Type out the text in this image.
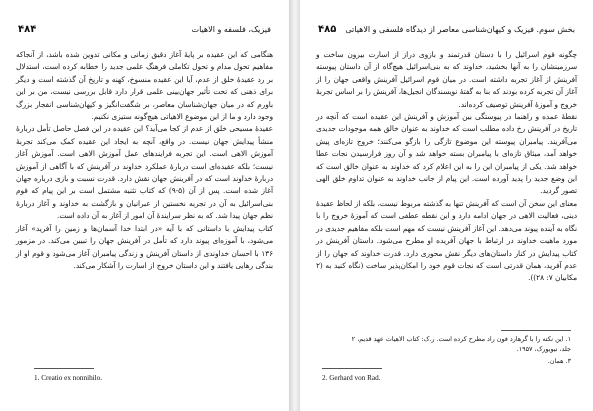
فیزیک، فلسفه و الاهیات
۴۸۴

هنگامی که این عقیده بر پایهٔ آغاز دقیق زمانی و مکانی تدوین شده باشد، از آنجاکه مفاهیم تحول مدام و تحول تکاملی فرهنگ علمی جدید را خطابه کرده است، استدلال بر رد عقیدهٔ خلق از عدم، آیا این عقیده منسوخ، کهنه و تاریخ آن گذشته است و دیگر برای ذهنی که تحت تأثیر جهان‌بینی علمی قرار دارد قابل بررسی نیست، من بر این باورم که در میان جهان‌شناسان معاصر، بر شگفت‌انگیز و کیهان‌شناسی انفجار بزرگ وجود دارد و ما از این موضوع الاهیاتی هیچ‌گونه ستیزی نکنیم.

عقیدهٔ مسیحی خلق از عدم از کجا می‌آید؟ این عقیده در این فصل حاصل تأمل دربارهٔ منشأ پیدایش جهان نیست. در واقع، آنچه به ایجاد این عقیده کمک می‌کند تجربهٔ آموزش الاهی است. این تجربه فرایندهای عمل آموزش الاهی است. آموزش آغاز نیست؛ بلکه عقیده‌ای است دربارهٔ عملکرد خداوند در آفرینش که با آگاهی از آموزش دربارهٔ خداوند است که در آفرینش جهان نقش دارد. قدرت نسبت و بازی درباره جهان آغاز شده است. پس از آن (۵-۹) که کتاب تثنیه مشتمل است بر این پیام که قوم بنی‌اسرائیل به آن در تجربه نخستین از عبرانیان و بازگشت به خداوند و آغاز دربارهٔ نظم جهان پیدا شد. که به نظر سرایندهٔ آن امور از آغاز به آن داده است.

کتاب پیدایش با داستانی که با آیه «در ابتدا خدا آسمان‌ها و زمین را آفرید» آغاز می‌شود، با آموزه‌ای پیوند دارد که تأمل در آفرینش جهان را تبیین می‌کند. در مزمور ۱۳۶ با احسان خداوندی از داستان آفرینش و زندگی پیامبران آغاز می‌شود و قوم او از بندگی رهایی یافتند و این داستان خروج از اسارت را آشکار می‌کند.

1. Creatio ex nonnihilo.
بخش سوم. فیزیک و کیهان‌شناسی معاصر از دیدگاه فلسفی و الاهیاتی
۴۸۵

چگونه قوم اسرائیل را با دستان قدرتمند و بازوی دراز از اسارت بیرون ساخت و سرزمینشان را به آنها بخشید، خداوند که به بنی‌اسرائیل هیچ‌گاه از آن داستان پیوسته آفرینش از آغاز تجربه داشته است. در میان قوم اسرائیل آفرینش واقعی جهان را از آغاز آن تجربه کرده بودند که بنا به گفتهٔ نویسندگان انجیل‌ها، آفرینش را بر اساس تجربهٔ خروج و آموزهٔ آفرینش توصیف کرده‌اند.

نقطهٔ عمده و راهنما در پیوستگی بین آموزش و آفرینش این عقیده است که آنچه در تاریخ در آفرینش رخ داده مطلب است که خداوند به عنوان خالق همه موجودات جدیدی می‌آفریند. پیامبران پیوسته این موضوع تازگی را بازگو می‌کنند؛ خروج تازه‌ای پیش خواهد آمد، میثاق تازه‌ای با پیامبران بسته خواهد شد و آن روز فرارسیدن نجات عطا خواهد شد. یکی از پیامبران این را به این اعلام کرد که خداوند به عنوان خالق است که این وضع جدید را پدید آورده است. این پیام از جانب خداوند به عنوان تداوم خلق الهی تصور گردید.

معنای این سخن آن است که آفرینش تنها به گذشته مربوط نیست، بلکه از لحاظ عقیدهٔ دینی، فعالیت الاهی در جهان ادامه دارد و این نقطه عطفی است که آموزهٔ خروج را با نگاه به آینده پیوند می‌دهد. این آغاز آفرینش نیست که مهم است بلکه مفاهیم جدیدی در مورد ماهیت خداوند در ارتباط با جهان آفریده او مطرح می‌شود. داستان آفرینش در کتاب پیدایش در کنار داستان‌های دیگر نقش محوری دارد. قدرت خداوند که جهان را از عدم آفرید، همان قدرتی است که نجات قوم خود را امکان‌پذیر ساخت (نگاه کنید به (۲ مکابیان ۷: ۲۸)).

۱. این نکته را با گرهارد فون راد مطرح کرده است. ر.ک: کتاب الاهیات عهد قدیم، ۲ جلد، نیویورک، ۱۹۵۷.
۳. همان.
2. Gerhard von Rad.
